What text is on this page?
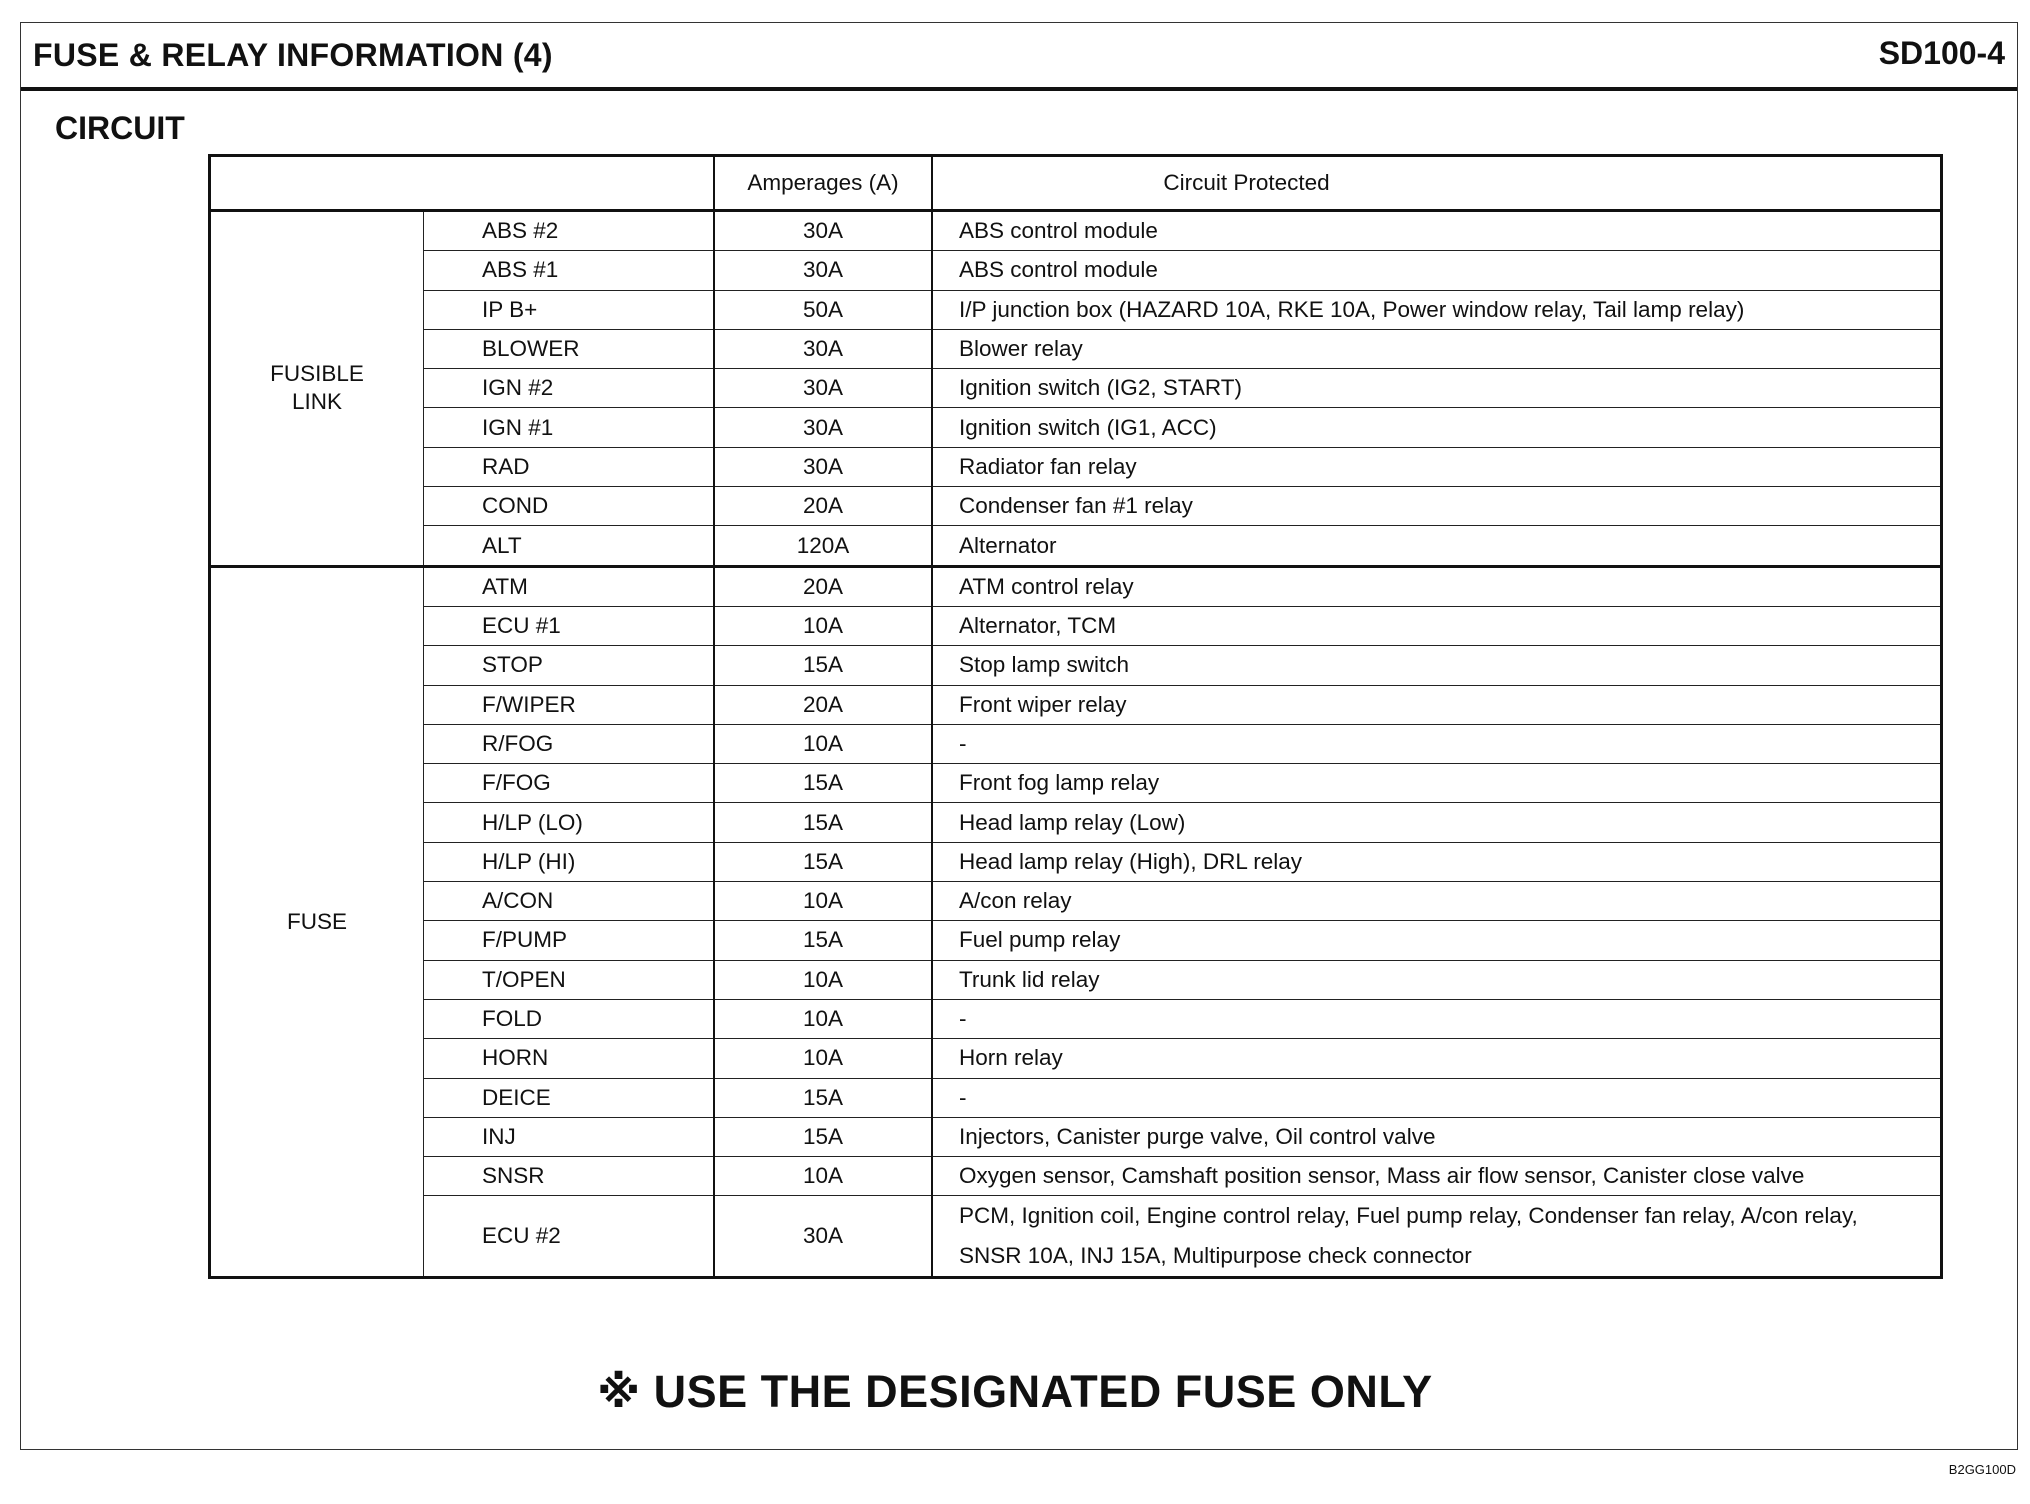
FUSE & RELAY INFORMATION (4)	SD100-4
CIRCUIT
		Amperages (A)	Circuit Protected
FUSIBLE
LINK	ABS #2	30A	ABS control module
	ABS #1	30A	ABS control module
	IP B+	50A	I/P junction box (HAZARD 10A, RKE 10A, Power window relay, Tail lamp relay)
	BLOWER	30A	Blower relay
	IGN #2	30A	Ignition switch (IG2, START)
	IGN #1	30A	Ignition switch (IG1, ACC)
	RAD	30A	Radiator fan relay
	COND	20A	Condenser fan #1 relay
	ALT	120A	Alternator
FUSE	ATM	20A	ATM control relay
	ECU #1	10A	Alternator, TCM
	STOP	15A	Stop lamp switch
	F/WIPER	20A	Front wiper relay
	R/FOG	10A	-
	F/FOG	15A	Front fog lamp relay
	H/LP (LO)	15A	Head lamp relay (Low)
	H/LP (HI)	15A	Head lamp relay (High), DRL relay
	A/CON	10A	A/con relay
	F/PUMP	15A	Fuel pump relay
	T/OPEN	10A	Trunk lid relay
	FOLD	10A	-
	HORN	10A	Horn relay
	DEICE	15A	-
	INJ	15A	Injectors, Canister purge valve, Oil control valve
	SNSR	10A	Oxygen sensor, Camshaft position sensor, Mass air flow sensor, Canister close valve
	ECU #2	30A	PCM, Ignition coil, Engine control relay, Fuel pump relay, Condenser fan relay, A/con relay,
SNSR 10A, INJ 15A, Multipurpose check connector
※ USE THE DESIGNATED FUSE ONLY
B2GG100D
